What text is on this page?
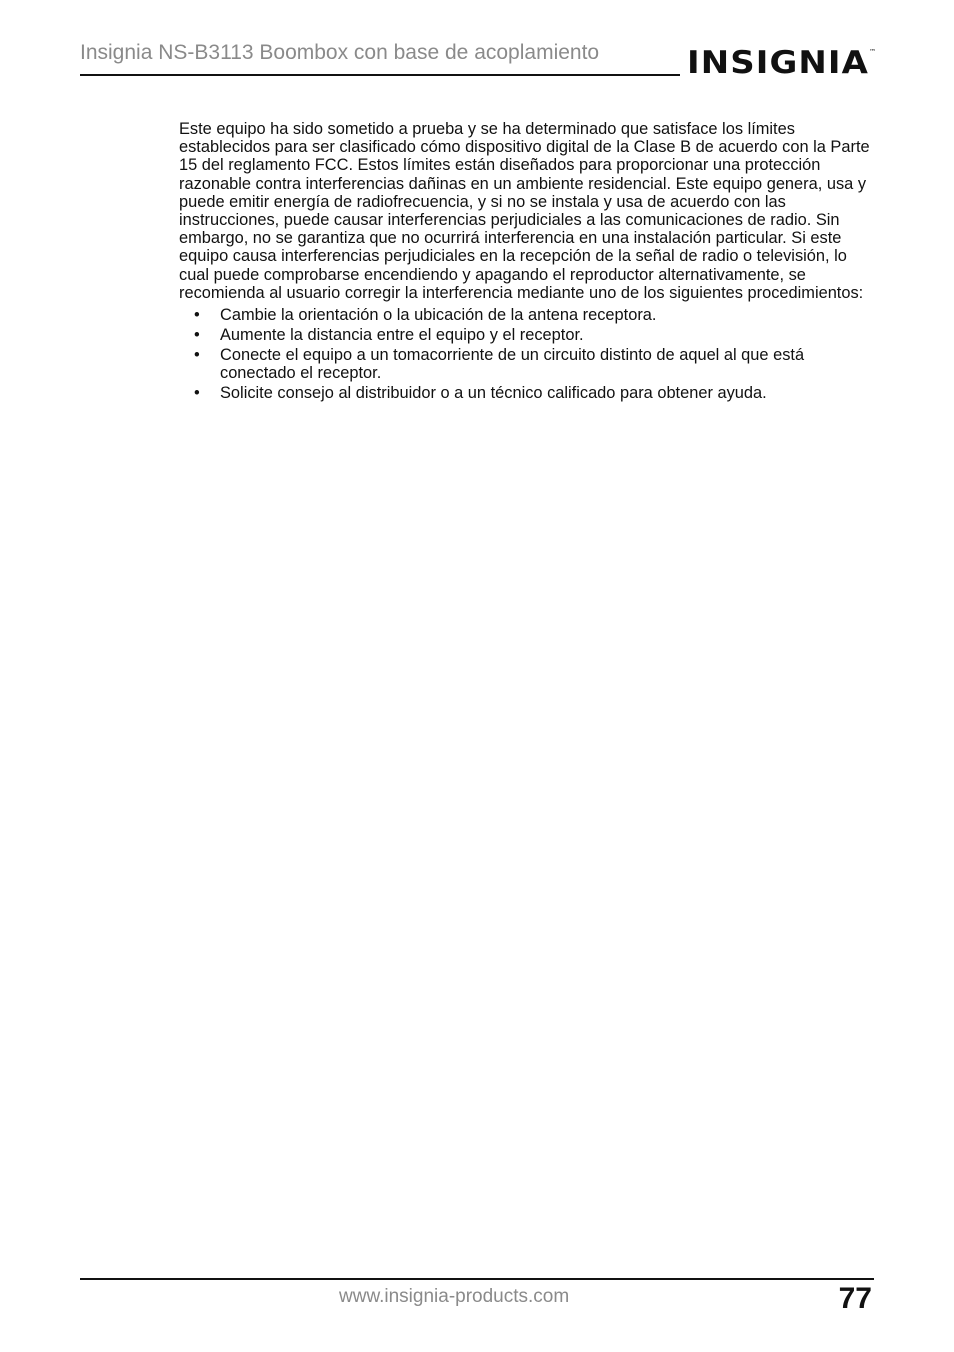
Insignia NS-B3113 Boombox con base de acoplamiento	INSIGNIA ™

Este equipo ha sido sometido a prueba y se ha determinado que satisface los límites establecidos para ser clasificado cómo dispositivo digital de la Clase B de acuerdo con la Parte 15 del reglamento FCC. Estos límites están diseñados para proporcionar una protección razonable contra interferencias dañinas en un ambiente residencial. Este equipo genera, usa y puede emitir energía de radiofrecuencia, y si no se instala y usa de acuerdo con las instrucciones, puede causar interferencias perjudiciales a las comunicaciones de radio. Sin embargo, no se garantiza que no ocurrirá interferencia en una instalación particular. Si este equipo causa interferencias perjudiciales en la recepción de la señal de radio o televisión, lo cual puede comprobarse encendiendo y apagando el reproductor alternativamente, se recomienda al usuario corregir la interferencia mediante uno de los siguientes procedimientos:

• Cambie la orientación o la ubicación de la antena receptora.
• Aumente la distancia entre el equipo y el receptor.
• Conecte el equipo a un tomacorriente de un circuito distinto de aquel al que está conectado el receptor.
• Solicite consejo al distribuidor o a un técnico calificado para obtener ayuda.
www.insignia-products.com	77
